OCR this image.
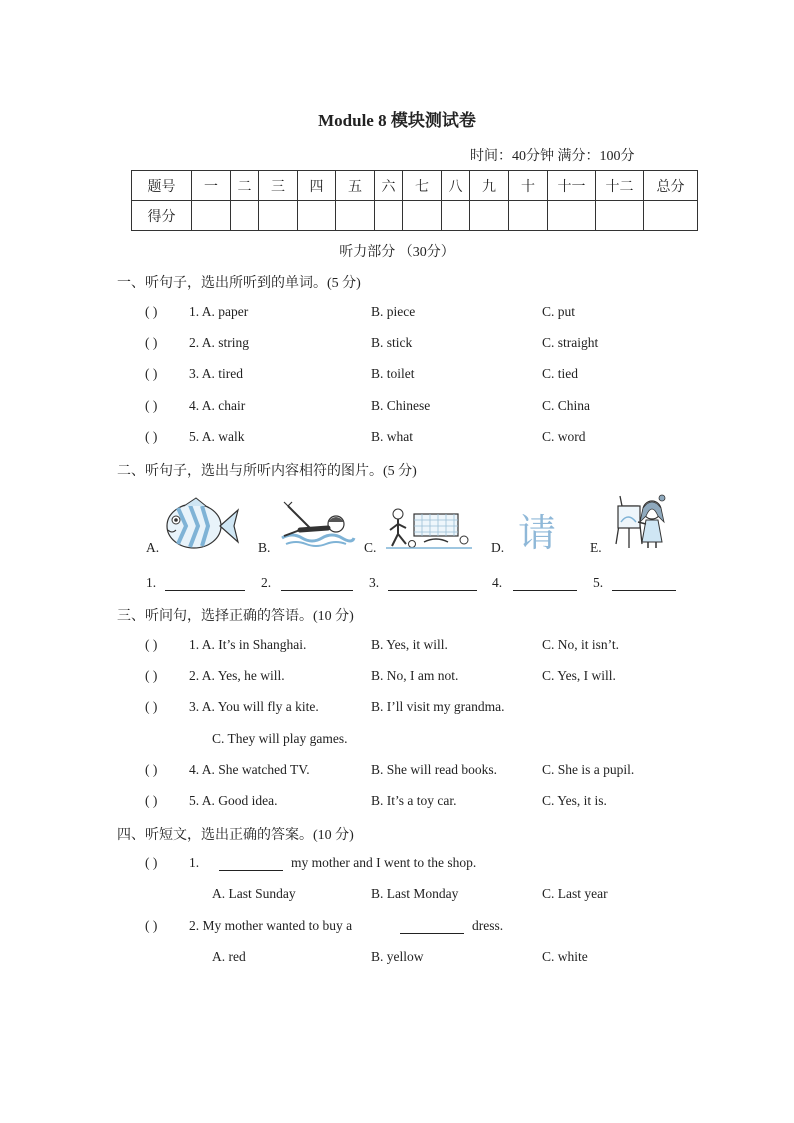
Module 8 模块测试卷
时间：40分钟 满分：100分
题号	一	二	三	四	五	六	七	八	九	十	十一	十二	总分
得分													
听力部分 （30分）
一、听句子，选出所听到的单词。(5 分)
( ) 1. A. paper	B. piece	C. put
( ) 2. A. string	B. stick	C. straight
( ) 3. A. tired	B. toilet	C. tied
( ) 4. A. chair	B. Chinese	C. China
( ) 5. A. walk	B. what	C. word
二、听句子，选出与所听内容相符的图片。(5 分)
A.	B.	C.	D.	E.
请
1.	2.	3.	4.	5.
三、听问句，选择正确的答语。(10 分)
( ) 1. A. It’s in Shanghai.	B. Yes, it will.	C. No, it isn’t.
( ) 2. A. Yes, he will.	B. No, I am not.	C. Yes, I will.
( ) 3. A. You will fly a kite.	B. I’ll visit my grandma.
C. They will play games.
( ) 4. A. She watched TV.	B. She will read books.	C. She is a pupil.
( ) 5. A. Good idea.	B. It’s a toy car.	C. Yes, it is.
四、听短文，选出正确的答案。(10 分)
( ) 1.	my mother and I went to the shop.
A. Last Sunday	B. Last Monday	C. Last year
( ) 2. My mother wanted to buy a	dress.
A. red	B. yellow	C. white
